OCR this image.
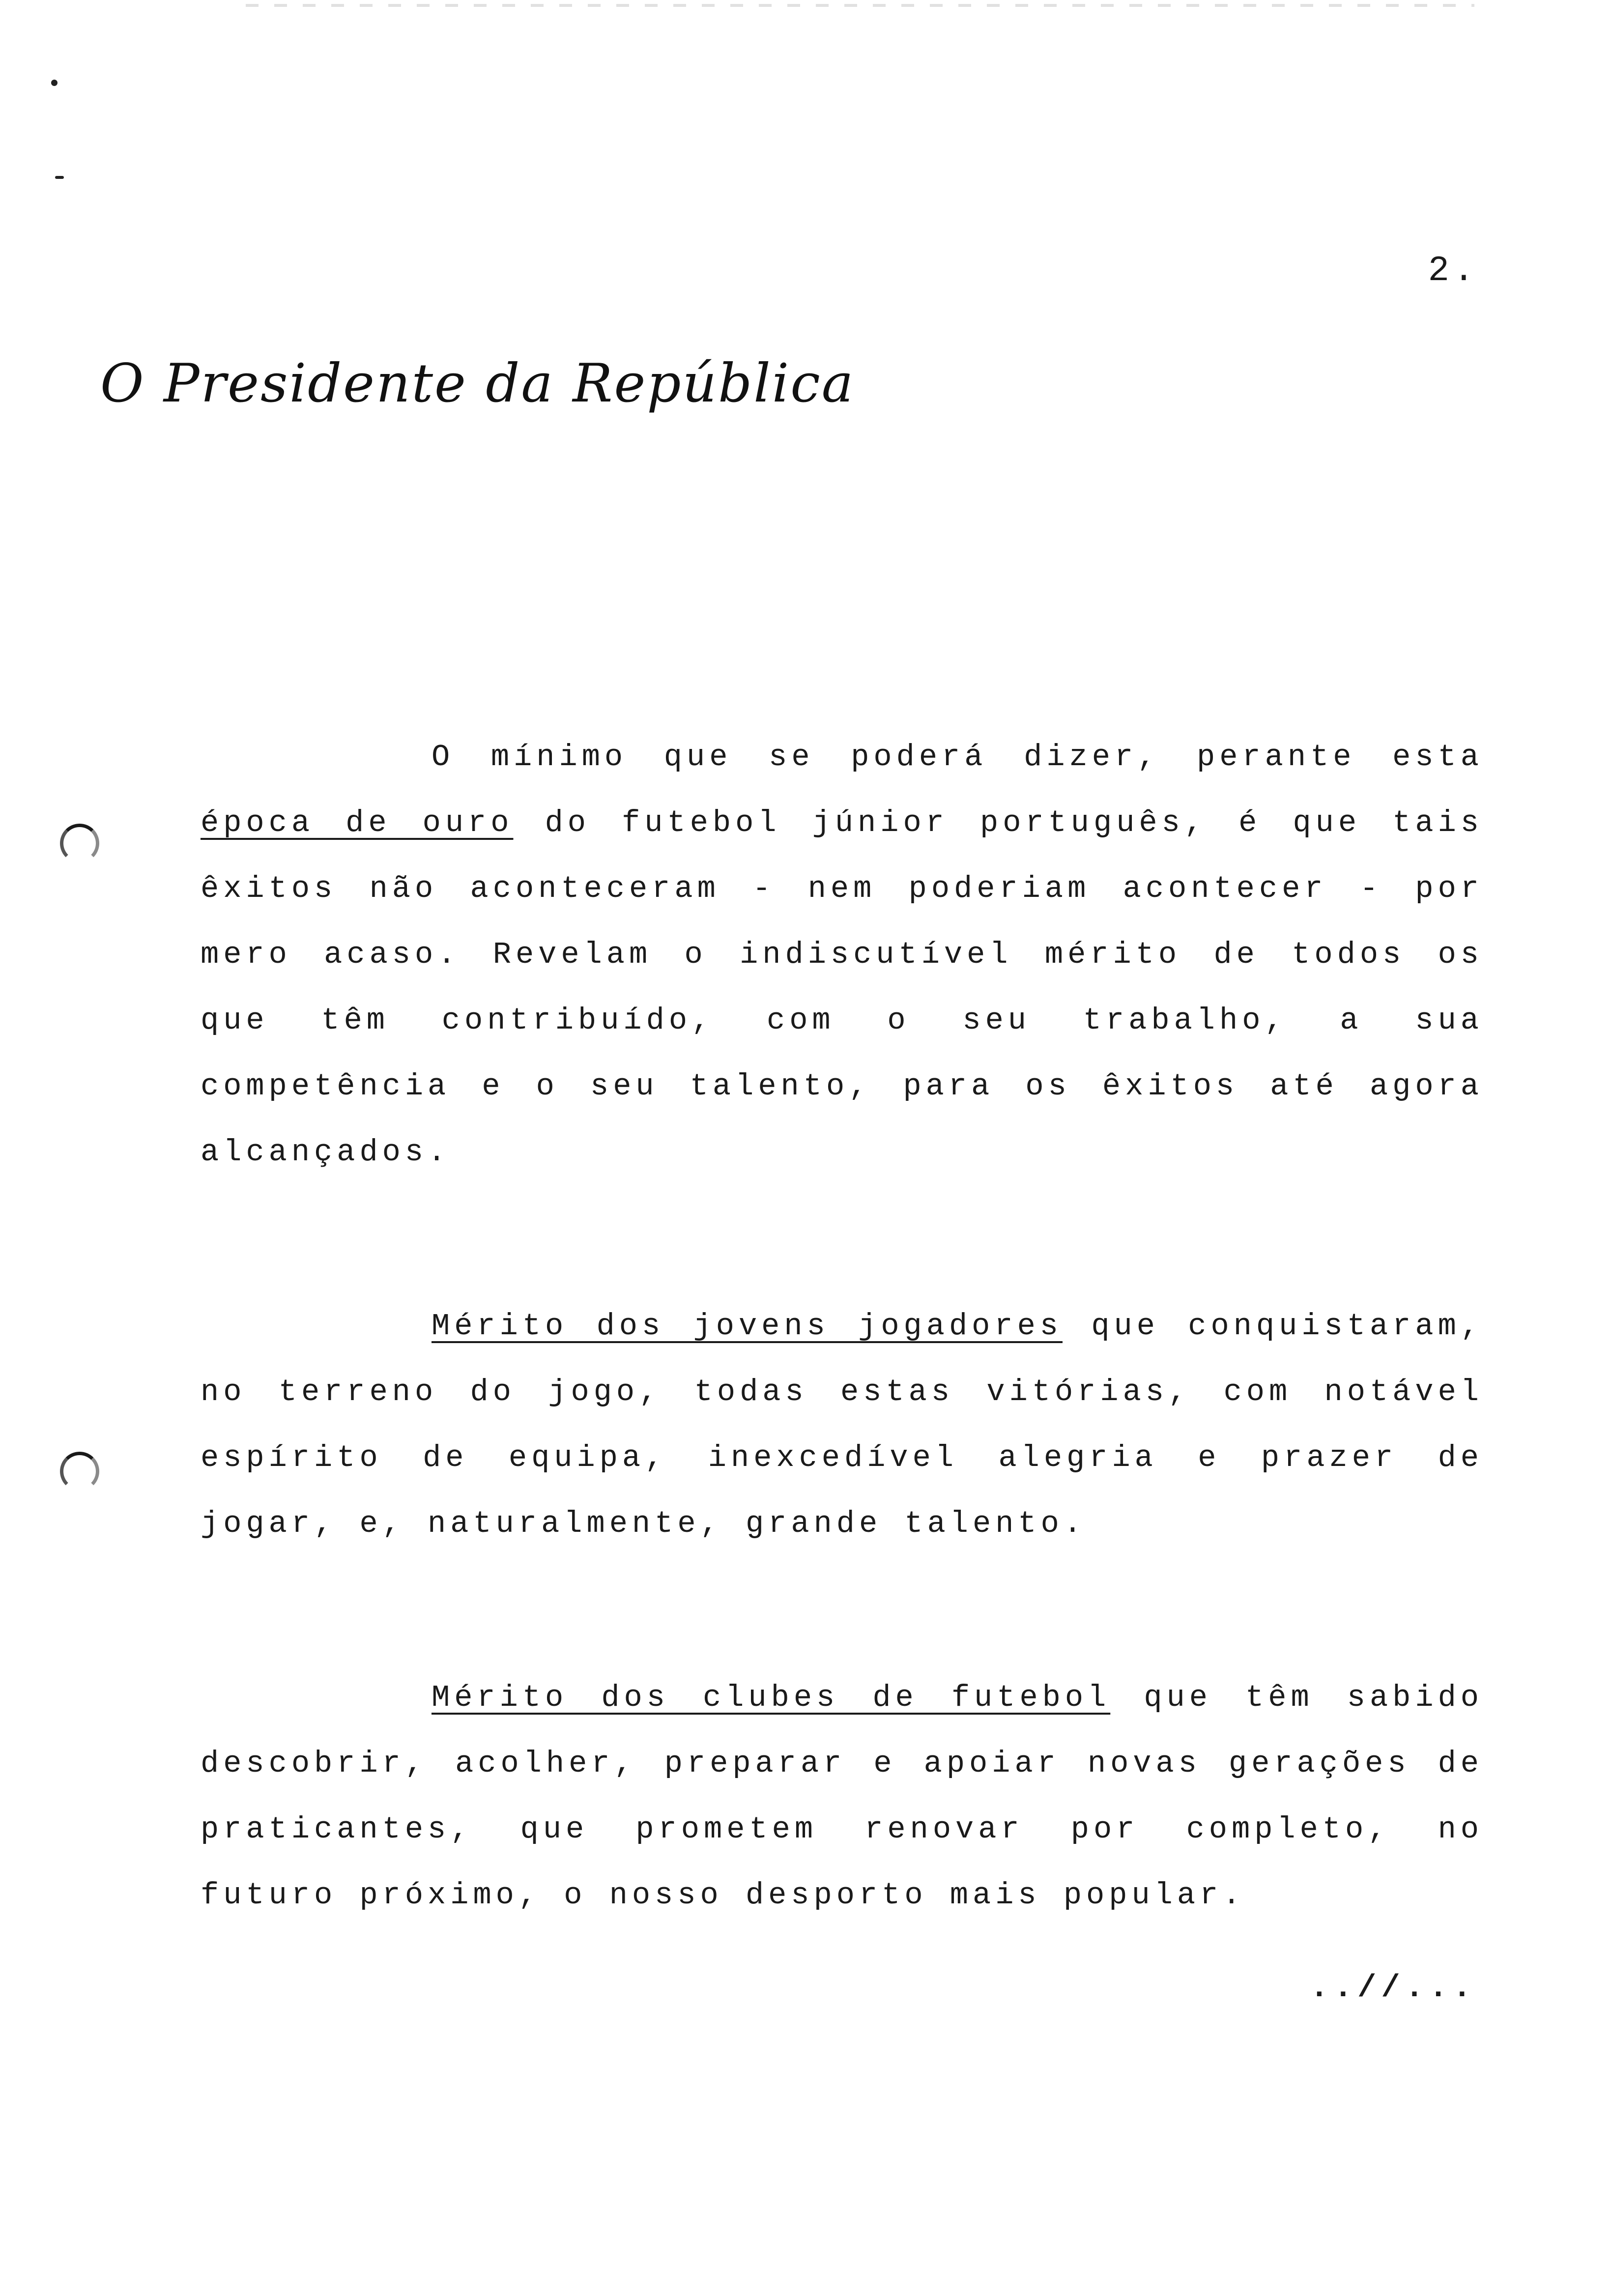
2.
O Presidente da República

O mínimo que se poderá dizer, perante esta época de ouro do futebol júnior português, é que tais êxitos não aconteceram - nem poderiam acontecer - por mero acaso. Revelam o indiscutível mérito de todos os que têm contribuído, com o seu trabalho, a sua competência e o seu talento, para os êxitos até agora alcançados.

Mérito dos jovens jogadores que conquistaram, no terreno do jogo, todas estas vitórias, com notável espírito de equipa, inexcedível alegria e prazer de jogar, e, naturalmente, grande talento.

Mérito dos clubes de futebol que têm sabido descobrir, acolher, preparar e apoiar novas gerações de praticantes, que prometem renovar por completo, no futuro próximo, o nosso desporto mais popular.

..//...
